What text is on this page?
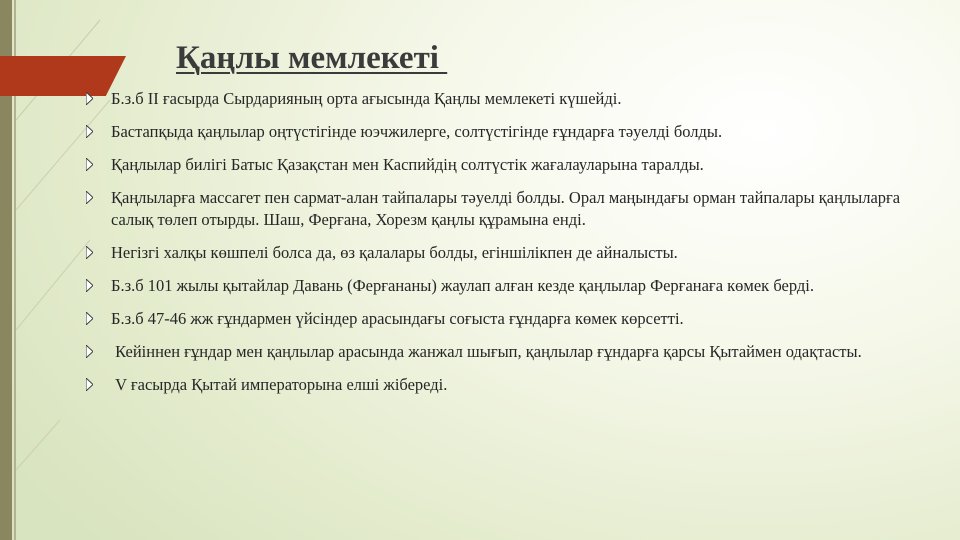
Қаңлы мемлекеті
Б.з.б II ғасырда Сырдарияның орта ағысында Қаңлы мемлекеті күшейді.
Бастапқыда қаңлылар оңтүстігінде юэчжилерге, солтүстігінде ғұндарға тәуелді болды.
Қаңлылар билігі Батыс Қазақстан мен Каспийдің солтүстік жағалауларына таралды.
Қаңлыларға массагет пен сармат-алан тайпалары тәуелді болды. Орал маңындағы орман тайпалары қаңлыларға салық төлеп отырды. Шаш, Ферғана, Хорезм қаңлы құрамына енді.
Негізгі халқы көшпелі болса да, өз қалалары болды, егіншілікпен де айналысты.
Б.з.б 101 жылы қытайлар Давань (Ферғананы) жаулап алған кезде қаңлылар Ферғанаға көмек берді.
Б.з.б 47-46 жж ғұндармен үйсіндер арасындағы соғыста ғұндарға көмек көрсетті.
Кейіннен ғұндар мен қаңлылар арасында жанжал шығып, қаңлылар ғұндарға қарсы Қытаймен одақтасты.
V ғасырда Қытай императорына елші жібереді.
